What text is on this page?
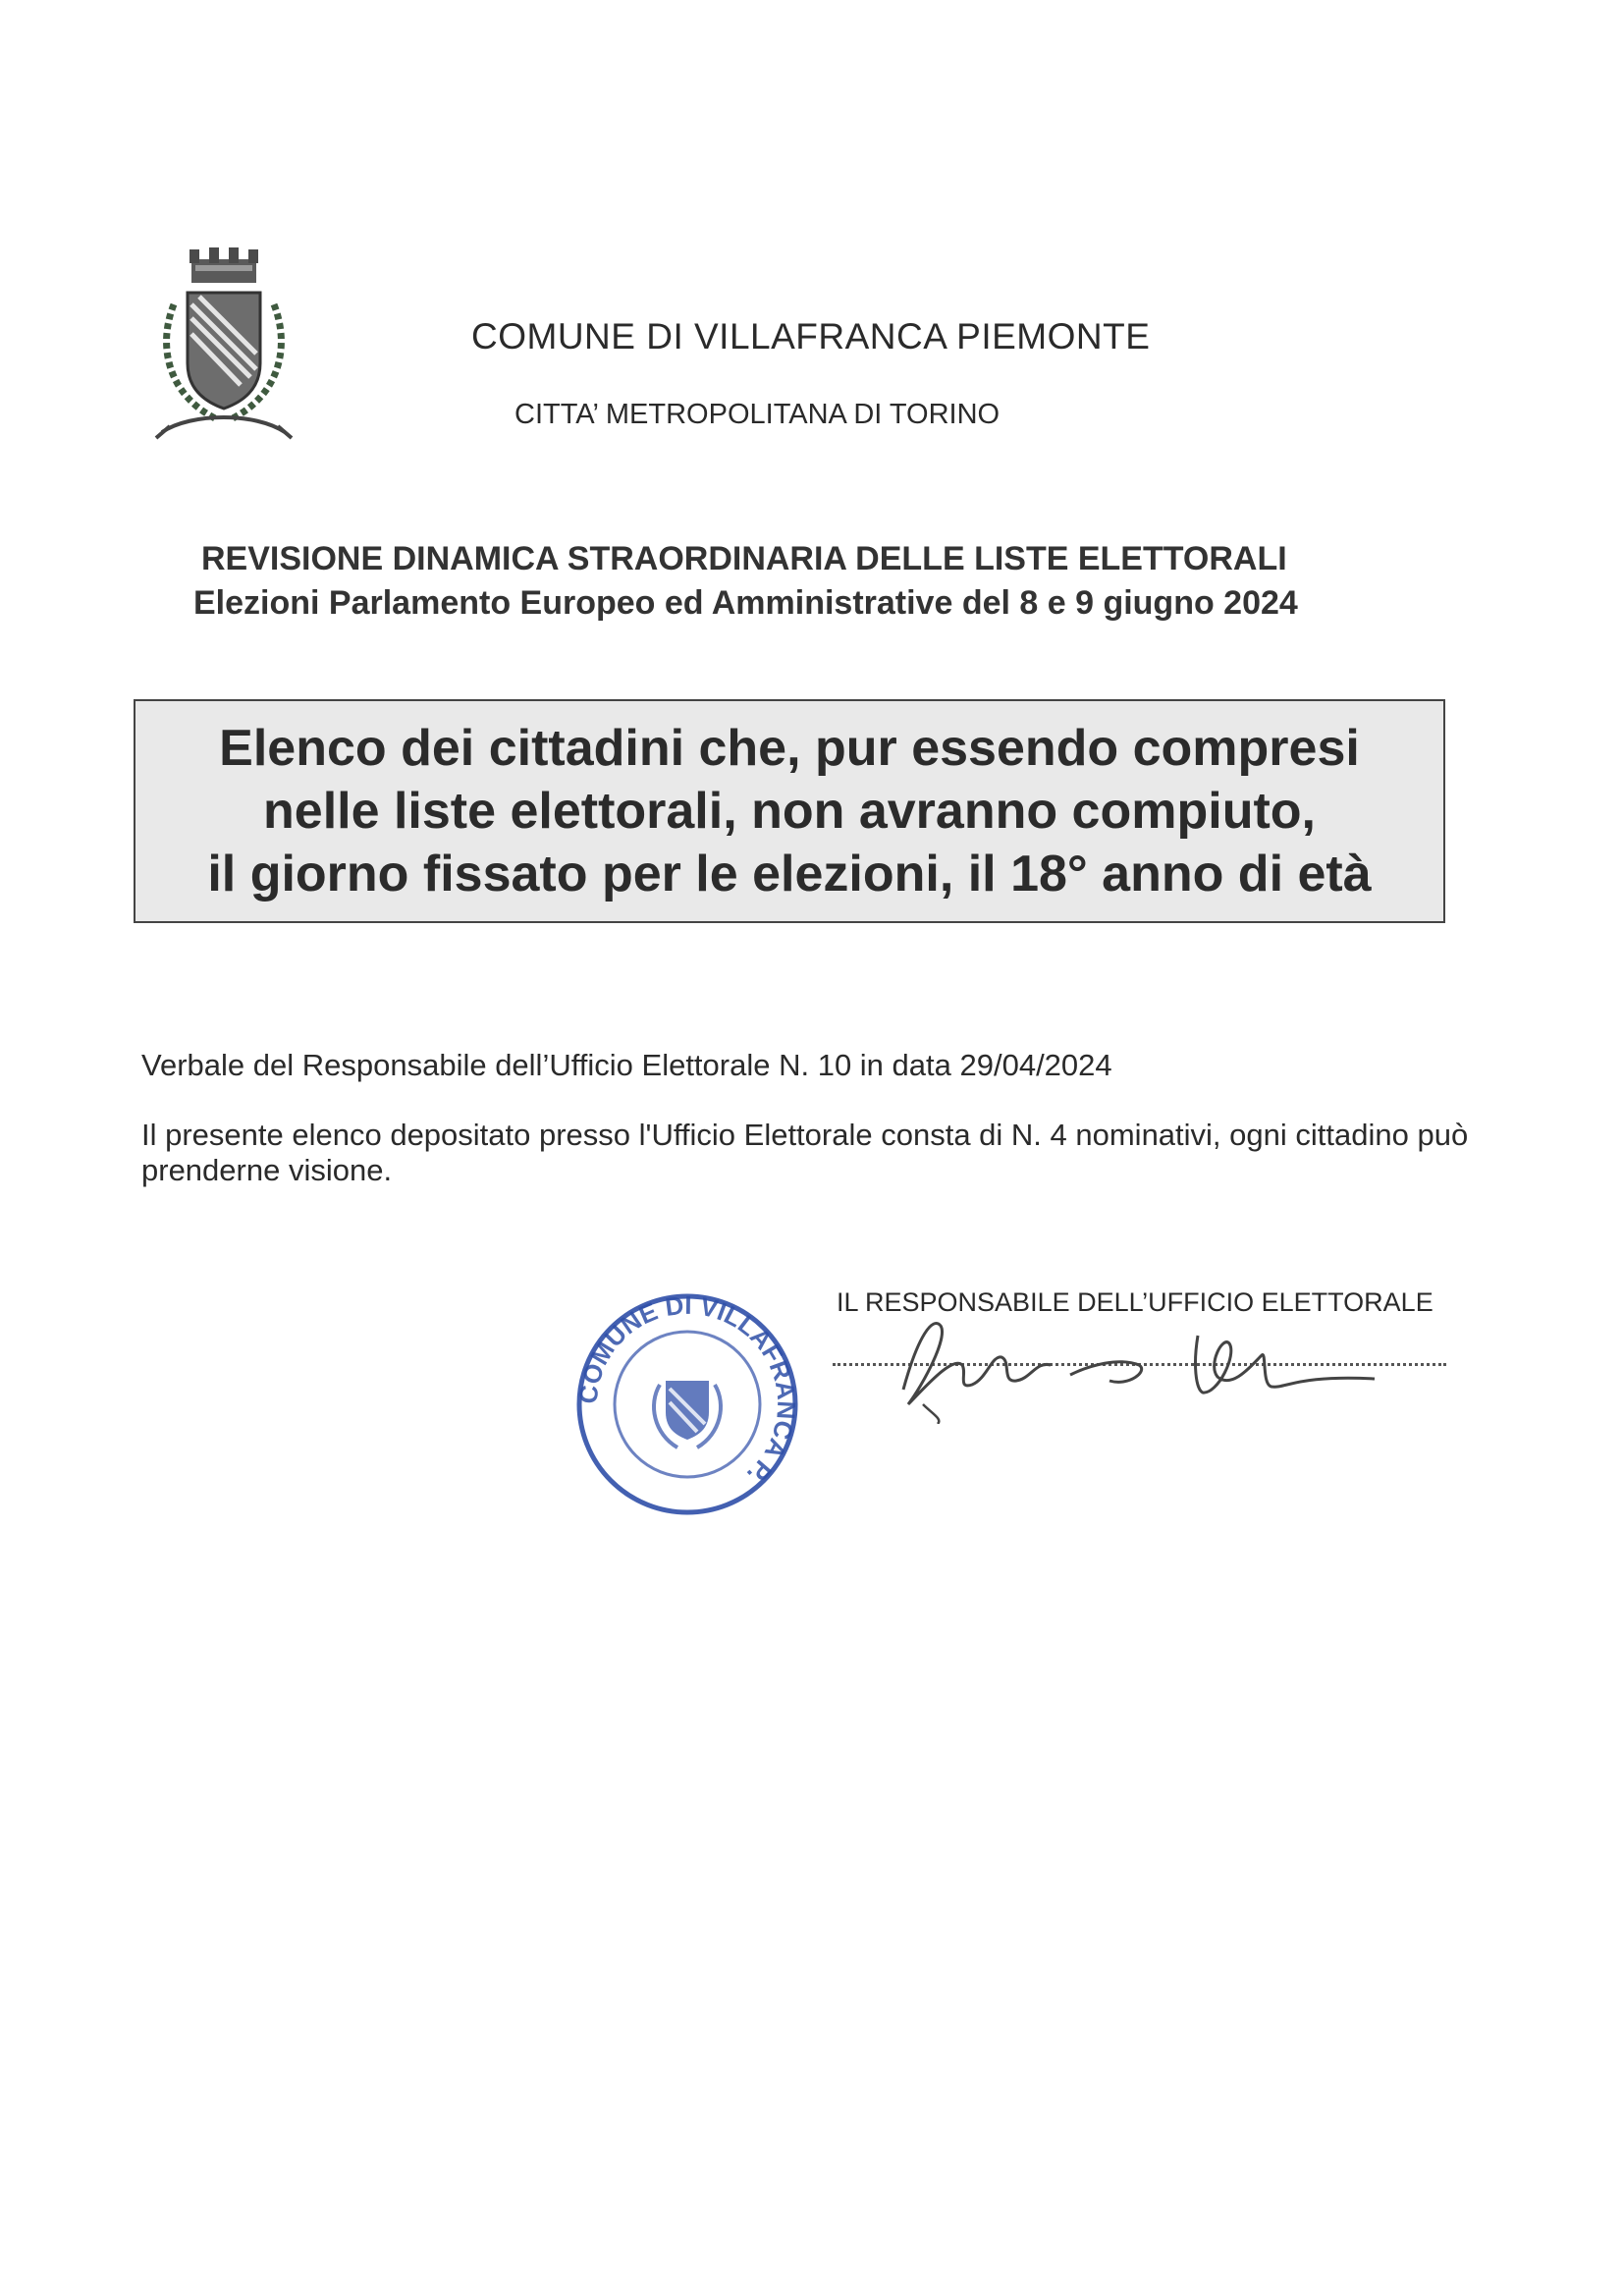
COMUNE DI VILLAFRANCA PIEMONTE
CITTA’ METROPOLITANA DI TORINO
REVISIONE DINAMICA STRAORDINARIA DELLE LISTE ELETTORALI
Elezioni Parlamento Europeo ed Amministrative del 8 e 9 giugno 2024
Elenco dei cittadini che, pur essendo compresi
nelle liste elettorali, non avranno compiuto,
il giorno fissato per le elezioni, il 18° anno di età
Verbale del Responsabile dell’Ufficio Elettorale N. 10 in data 29/04/2024
Il presente elenco depositato presso l'Ufficio Elettorale consta di N. 4 nominativi, ogni cittadino può prenderne visione.
IL RESPONSABILE DELL’UFFICIO ELETTORALE
COMUNE DI VILLAFRANCA P.
